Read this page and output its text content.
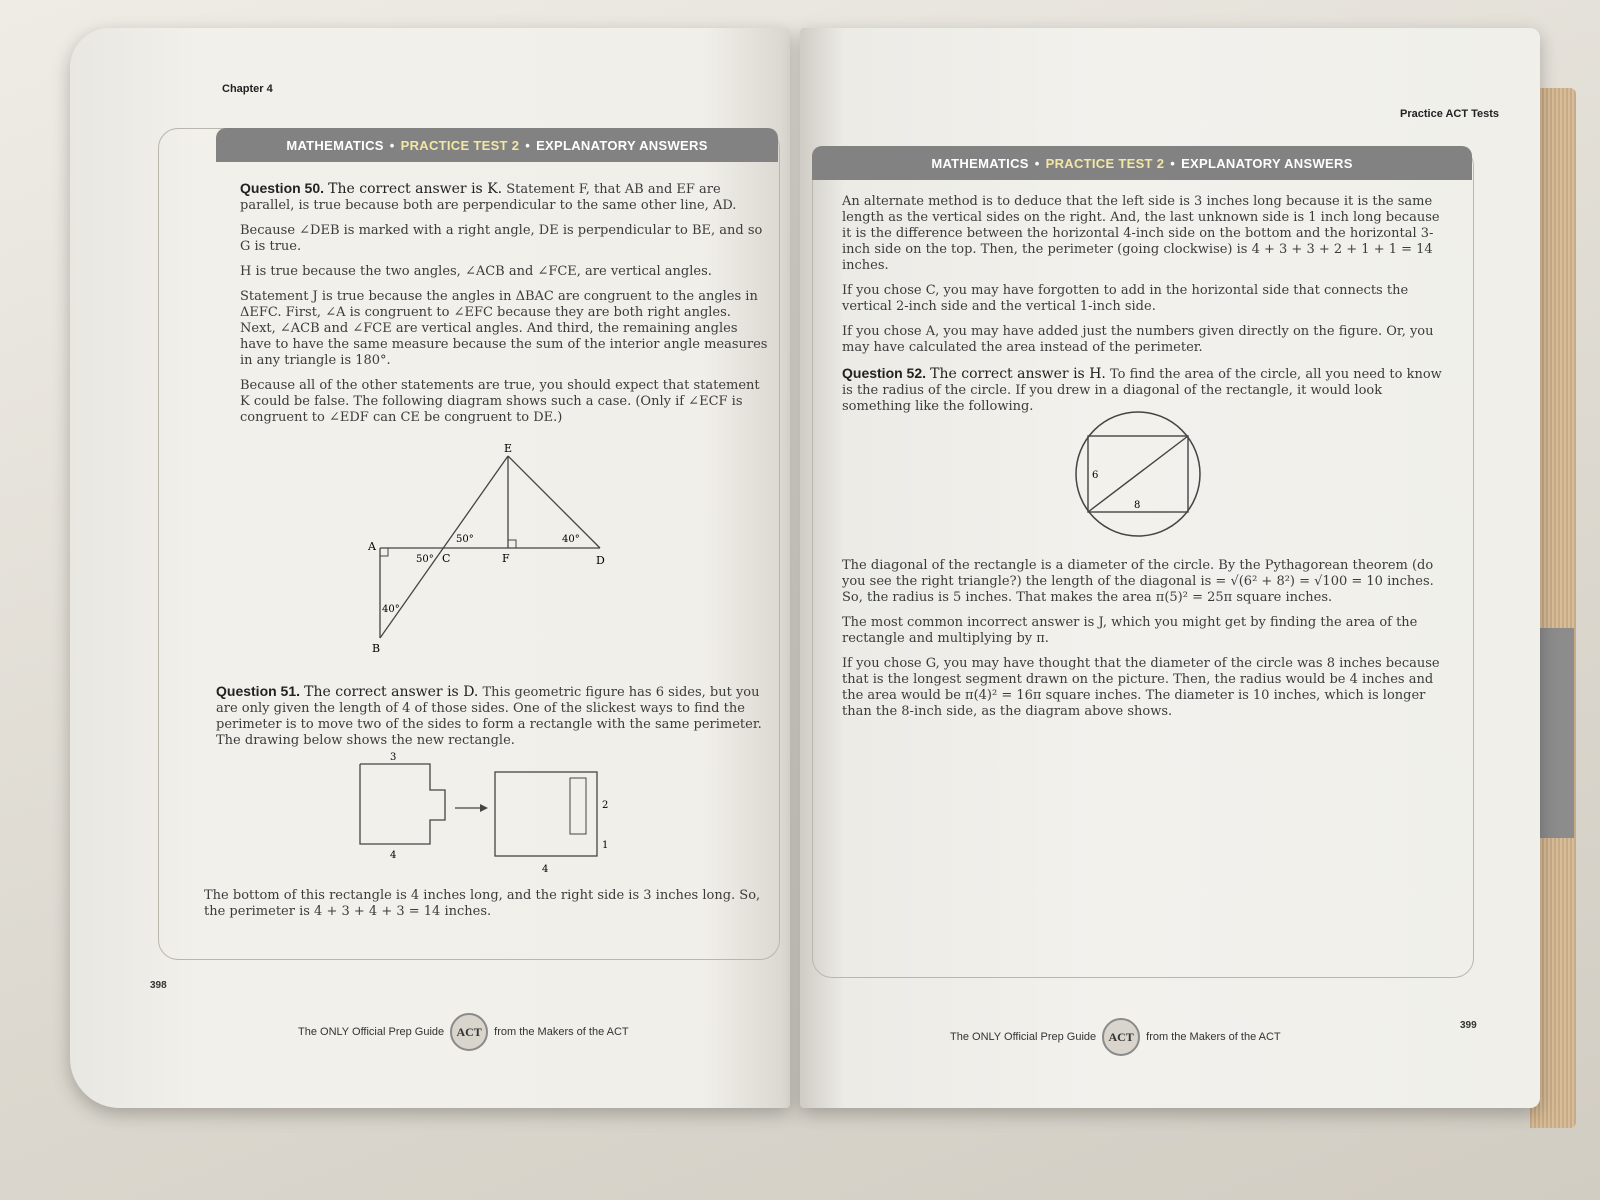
Chapter 4
MATHEMATICS • PRACTICE TEST 2 • EXPLANATORY ANSWERS

Question 50. The correct answer is K. Statement F, that AB and EF are parallel, is true because both are perpendicular to the same other line, AD.

Because ∠DEB is marked with a right angle, DE is perpendicular to BE, and so G is true.

H is true because the two angles, ∠ACB and ∠FCE, are vertical angles.

Statement J is true because the angles in ΔBAC are congruent to the angles in ΔEFC. First, ∠A is congruent to ∠EFC because they are both right angles. Next, ∠ACB and ∠FCE are vertical angles. And third, the remaining angles have to have the same measure because the sum of the interior angle measures in any triangle is 180°.

Because all of the other statements are true, you should expect that statement K could be false. The following diagram shows such a case. (Only if ∠ECF is congruent to ∠EDF can CE be congruent to DE.)

E
A
C	F	D
B
50°
50°
40°
40°

Question 51. The correct answer is D. This geometric figure has 6 sides, but you are only given the length of 4 of those sides. One of the slickest ways to find the perimeter is to move two of the sides to form a rectangle with the same perimeter. The drawing below shows the new rectangle.

3
4
2
1
4

The bottom of this rectangle is 4 inches long, and the right side is 3 inches long. So, the perimeter is 4 + 3 + 4 + 3 = 14 inches.

398
The ONLY Official Prep Guide	ACT	from the Makers of the ACT
Practice ACT Tests
MATHEMATICS • PRACTICE TEST 2 • EXPLANATORY ANSWERS

An alternate method is to deduce that the left side is 3 inches long because it is the same length as the vertical sides on the right. And, the last unknown side is 1 inch long because it is the difference between the horizontal 4-inch side on the bottom and the horizontal 3-inch side on the top. Then, the perimeter (going clockwise) is 4 + 3 + 3 + 2 + 1 + 1 = 14 inches.

If you chose C, you may have forgotten to add in the horizontal side that connects the vertical 2-inch side and the vertical 1-inch side.

If you chose A, you may have added just the numbers given directly on the figure. Or, you may have calculated the area instead of the perimeter.

Question 52. The correct answer is H. To find the area of the circle, all you need to know is the radius of the circle. If you drew in a diagonal of the rectangle, it would look something like the following.

6
8

The diagonal of the rectangle is a diameter of the circle. By the Pythagorean theorem (do you see the right triangle?) the length of the diagonal is = √(6² + 8²) = √100 = 10 inches. So, the radius is 5 inches. That makes the area π(5)² = 25π square inches.

The most common incorrect answer is J, which you might get by finding the area of the rectangle and multiplying by π.

If you chose G, you may have thought that the diameter of the circle was 8 inches because that is the longest segment drawn on the picture. Then, the radius would be 4 inches and the area would be π(4)² = 16π square inches. The diameter is 10 inches, which is longer than the 8-inch side, as the diagram above shows.

399
The ONLY Official Prep Guide	ACT	from the Makers of the ACT
